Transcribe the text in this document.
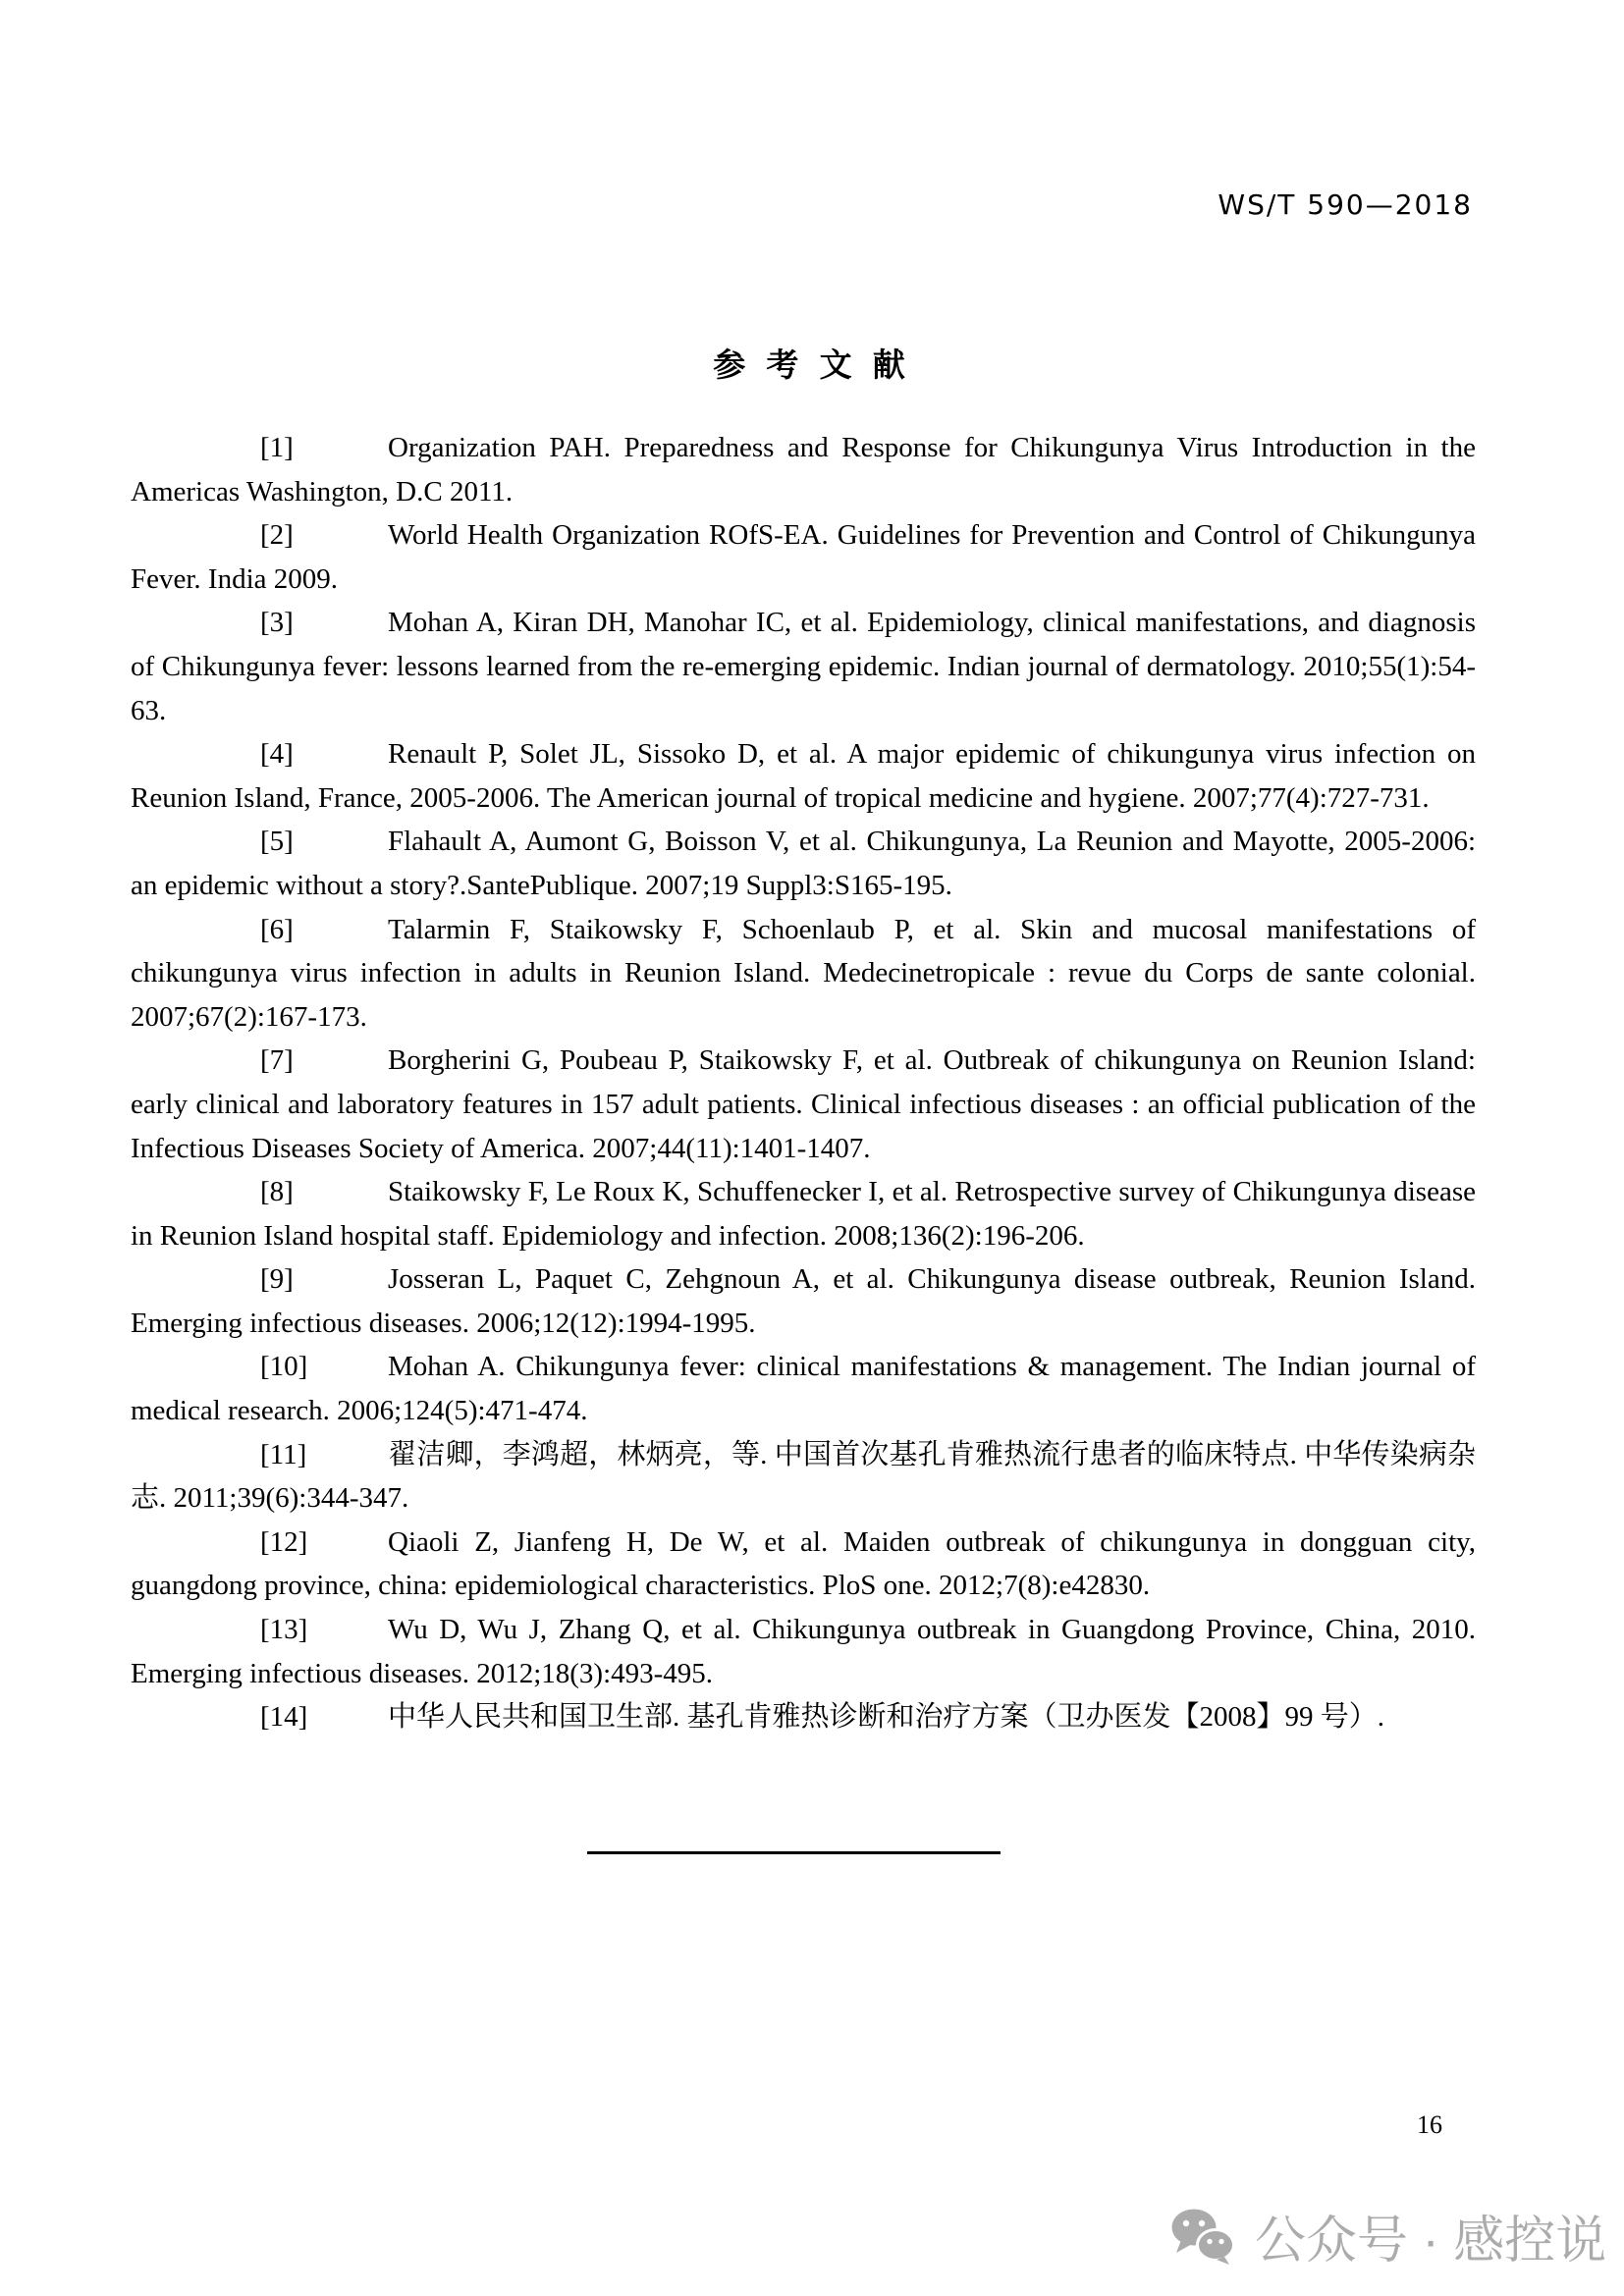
WS/T 590—2018
参 考 文 献

[1]	Organization PAH. Preparedness and Response for Chikungunya Virus Introduction in the Americas Washington, D.C 2011.

[2]	World Health Organization ROfS-EA. Guidelines for Prevention and Control of Chikungunya Fever. India 2009.

[3]	Mohan A, Kiran DH, Manohar IC, et al. Epidemiology, clinical manifestations, and diagnosis of Chikungunya fever: lessons learned from the re-emerging epidemic. Indian journal of dermatology. 2010;55(1):54-63.

[4]	Renault P, Solet JL, Sissoko D, et al. A major epidemic of chikungunya virus infection on Reunion Island, France, 2005-2006. The American journal of tropical medicine and hygiene. 2007;77(4):727-731.

[5]	Flahault A, Aumont G, Boisson V, et al. Chikungunya, La Reunion and Mayotte, 2005-2006: an epidemic without a story?.SantePublique. 2007;19 Suppl3:S165-195.

[6]	Talarmin F, Staikowsky F, Schoenlaub P, et al. Skin and mucosal manifestations of chikungunya virus infection in adults in Reunion Island. Medecinetropicale : revue du Corps de sante colonial. 2007;67(2):167-173.

[7]	Borgherini G, Poubeau P, Staikowsky F, et al. Outbreak of chikungunya on Reunion Island: early clinical and laboratory features in 157 adult patients. Clinical infectious diseases : an official publication of the Infectious Diseases Society of America. 2007;44(11):1401-1407.

[8]	Staikowsky F, Le Roux K, Schuffenecker I, et al. Retrospective survey of Chikungunya disease in Reunion Island hospital staff. Epidemiology and infection. 2008;136(2):196-206.

[9]	Josseran L, Paquet C, Zehgnoun A, et al. Chikungunya disease outbreak, Reunion Island. Emerging infectious diseases. 2006;12(12):1994-1995.

[10]	Mohan A. Chikungunya fever: clinical manifestations & management. The Indian journal of medical research. 2006;124(5):471-474.

[11]	翟洁卿，李鸿超，林炳亮，等. 中国首次基孔肯雅热流行患者的临床特点. 中华传染病杂志. 2011;39(6):344-347.

[12]	Qiaoli Z, Jianfeng H, De W, et al. Maiden outbreak of chikungunya in dongguan city, guangdong province, china: epidemiological characteristics. PloS one. 2012;7(8):e42830.

[13]	Wu D, Wu J, Zhang Q, et al. Chikungunya outbreak in Guangdong Province, China, 2010. Emerging infectious diseases. 2012;18(3):493-495.

[14]	中华人民共和国卫生部. 基孔肯雅热诊断和治疗方案（卫办医发【2008】99 号）.

16
公众号 · 感控说
